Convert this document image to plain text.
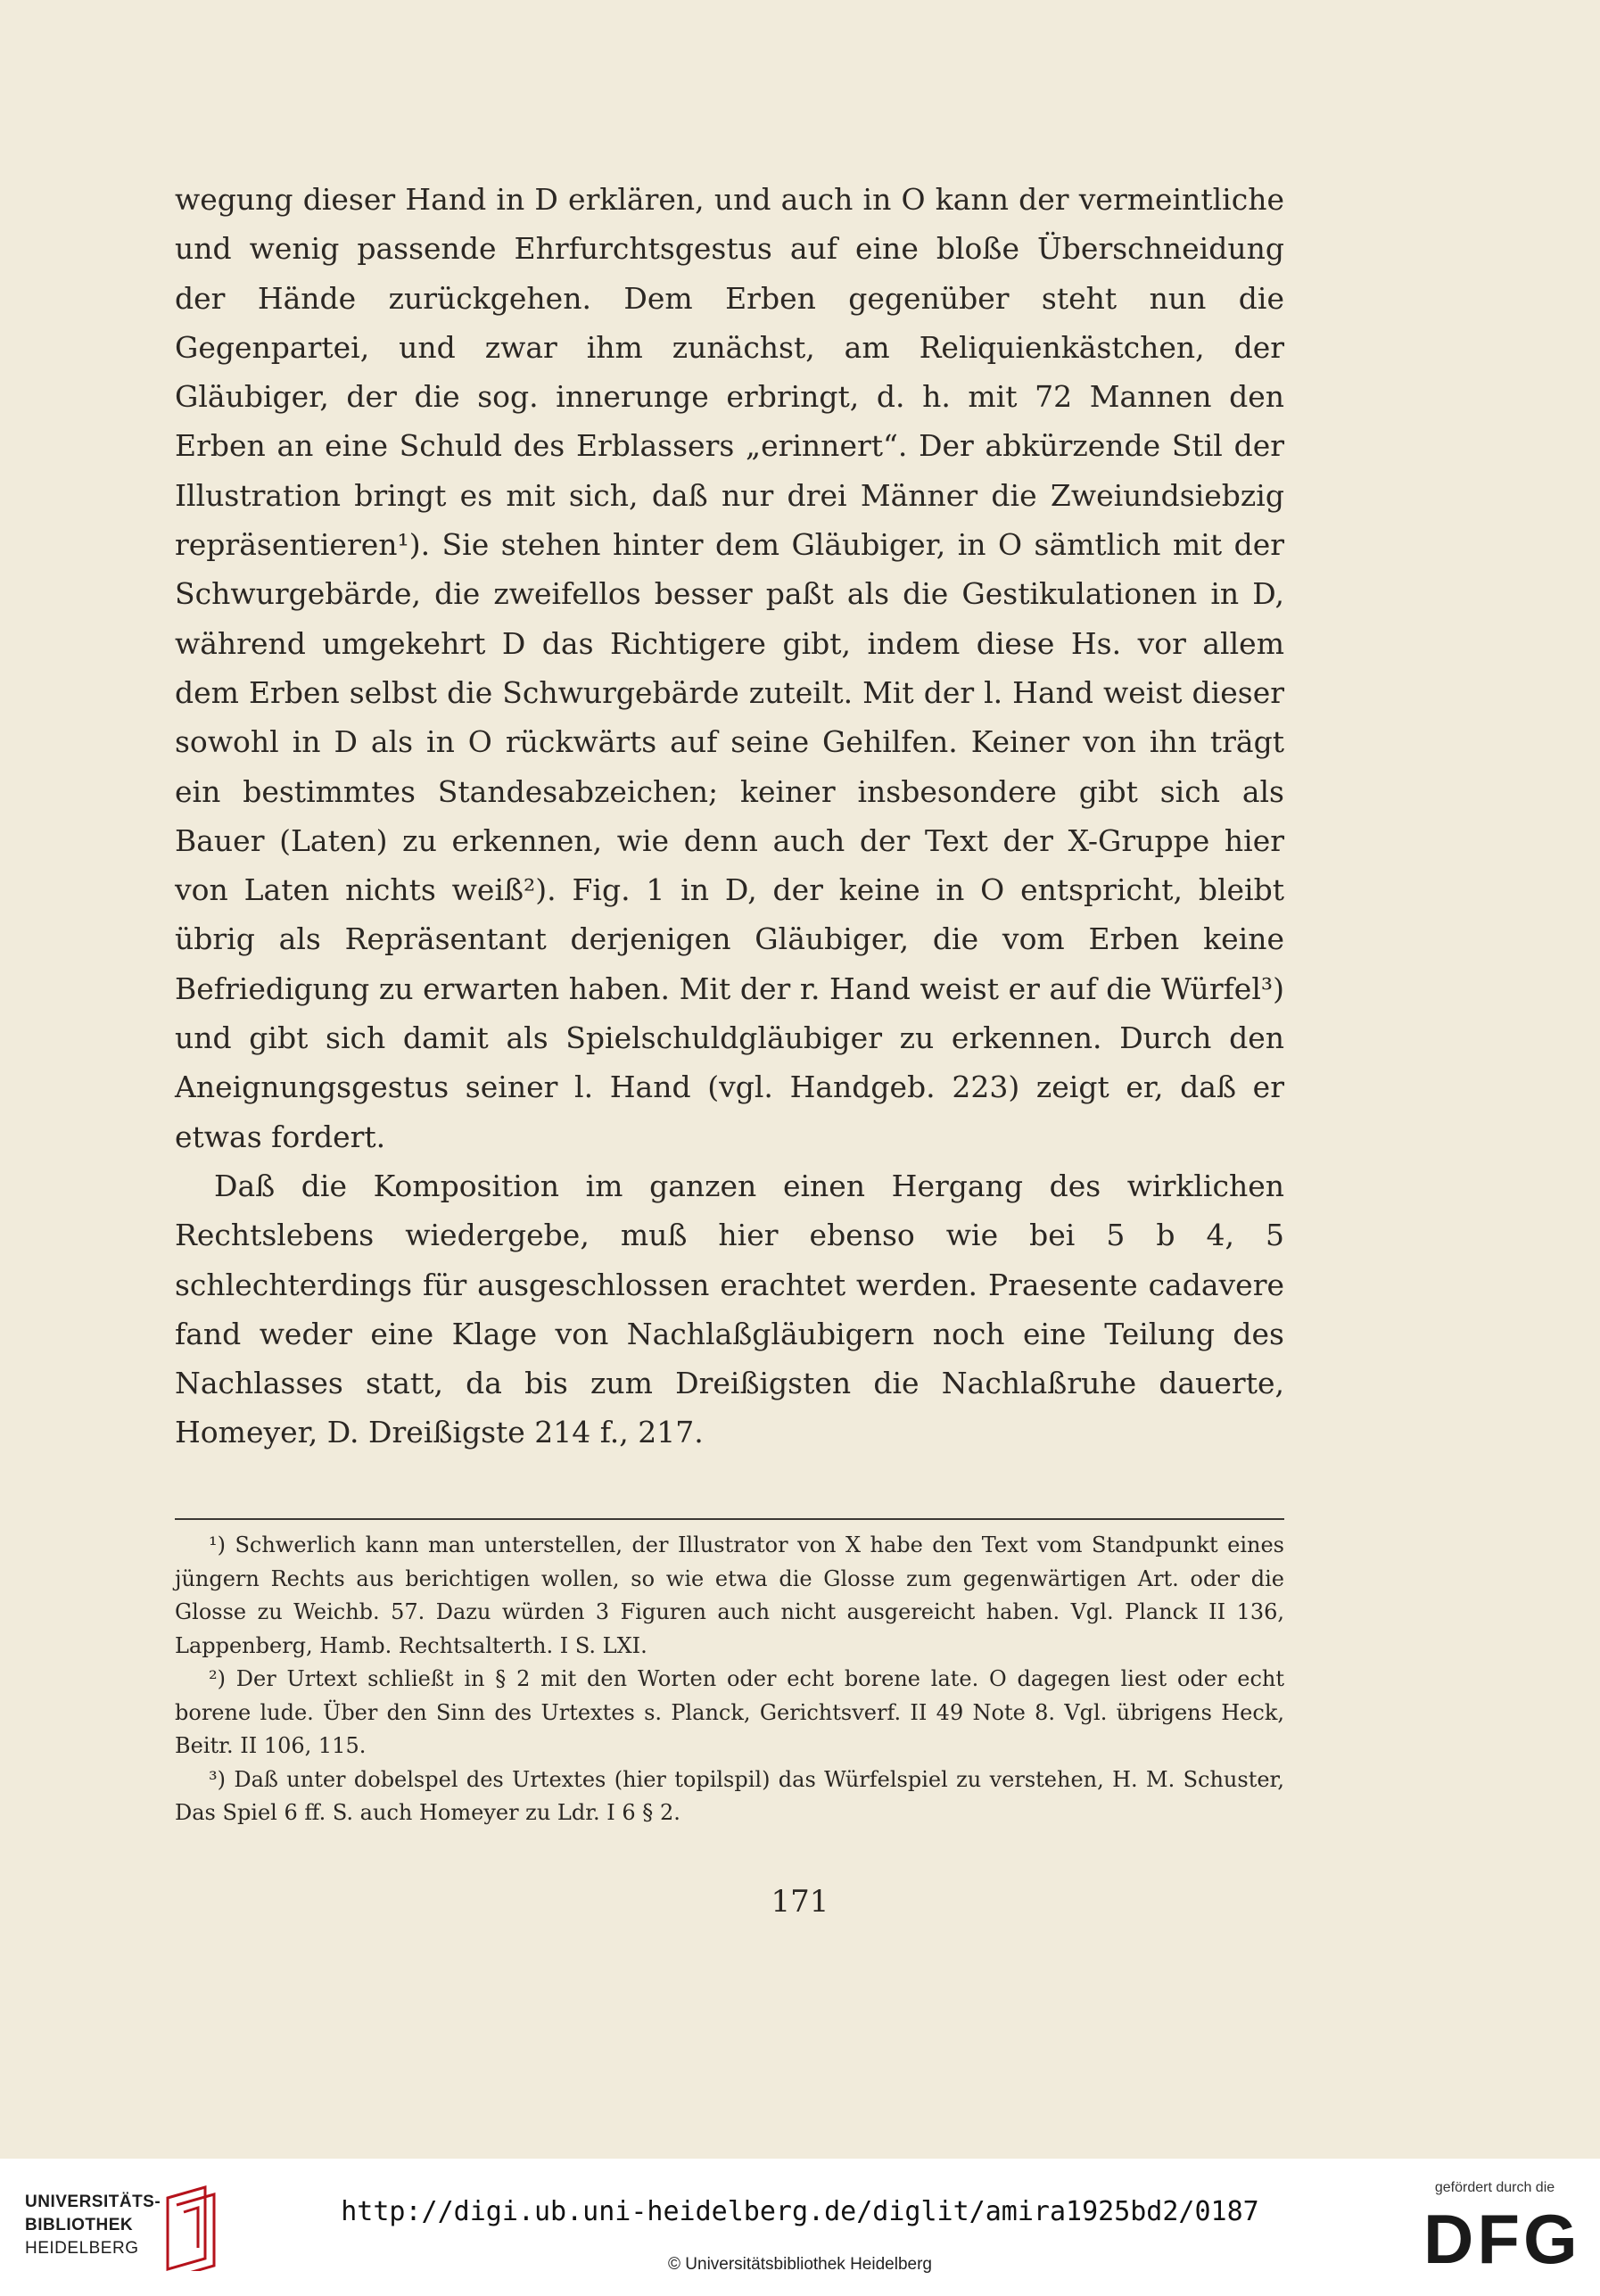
wegung dieser Hand in D erklären, und auch in O kann der vermeintliche und wenig passende Ehrfurchtsgestus auf eine bloße Überschneidung der Hände zurückgehen. Dem Erben gegenüber steht nun die Gegenpartei, und zwar ihm zunächst, am Reliquienkästchen, der Gläubiger, der die sog. innerunge erbringt, d. h. mit 72 Mannen den Erben an eine Schuld des Erblassers „erinnert“. Der abkürzende Stil der Illustration bringt es mit sich, daß nur drei Männer die Zweiundsiebzig repräsentieren¹). Sie stehen hinter dem Gläubiger, in O sämtlich mit der Schwurgebärde, die zweifellos besser paßt als die Gestikulationen in D, während umgekehrt D das Richtigere gibt, indem diese Hs. vor allem dem Erben selbst die Schwurgebärde zuteilt. Mit der l. Hand weist dieser sowohl in D als in O rückwärts auf seine Gehilfen. Keiner von ihn trägt ein bestimmtes Standesabzeichen; keiner insbesondere gibt sich als Bauer (Laten) zu erkennen, wie denn auch der Text der X-Gruppe hier von Laten nichts weiß²). Fig. 1 in D, der keine in O entspricht, bleibt übrig als Repräsentant derjenigen Gläubiger, die vom Erben keine Befriedigung zu erwarten haben. Mit der r. Hand weist er auf die Würfel³) und gibt sich damit als Spielschuldgläubiger zu erkennen. Durch den Aneignungsgestus seiner l. Hand (vgl. Handgeb. 223) zeigt er, daß er etwas fordert.

Daß die Komposition im ganzen einen Hergang des wirklichen Rechtslebens wiedergebe, muß hier ebenso wie bei 5 b 4, 5 schlechterdings für ausgeschlossen erachtet werden. Praesente cadavere fand weder eine Klage von Nachlaßgläubigern noch eine Teilung des Nachlasses statt, da bis zum Dreißigsten die Nachlaßruhe dauerte, Homeyer, D. Dreißigste 214 f., 217.

¹) Schwerlich kann man unterstellen, der Illustrator von X habe den Text vom Standpunkt eines jüngern Rechts aus berichtigen wollen, so wie etwa die Glosse zum gegenwärtigen Art. oder die Glosse zu Weichb. 57. Dazu würden 3 Figuren auch nicht ausgereicht haben. Vgl. Planck II 136, Lappenberg, Hamb. Rechtsalterth. I S. LXI.

²) Der Urtext schließt in § 2 mit den Worten oder echt borene late. O dagegen liest oder echt borene lude. Über den Sinn des Urtextes s. Planck, Gerichtsverf. II 49 Note 8. Vgl. übrigens Heck, Beitr. II 106, 115.

³) Daß unter dobelspel des Urtextes (hier topilspil) das Würfelspiel zu verstehen, H. M. Schuster, Das Spiel 6 ff. S. auch Homeyer zu Ldr. I 6 § 2.

171
UNIVERSITÄTS-
BIBLIOTHEK
HEIDELBERG
http://digi.ub.uni-heidelberg.de/diglit/amira1925bd2/0187
© Universitätsbibliothek Heidelberg
gefördert durch die
DFG
